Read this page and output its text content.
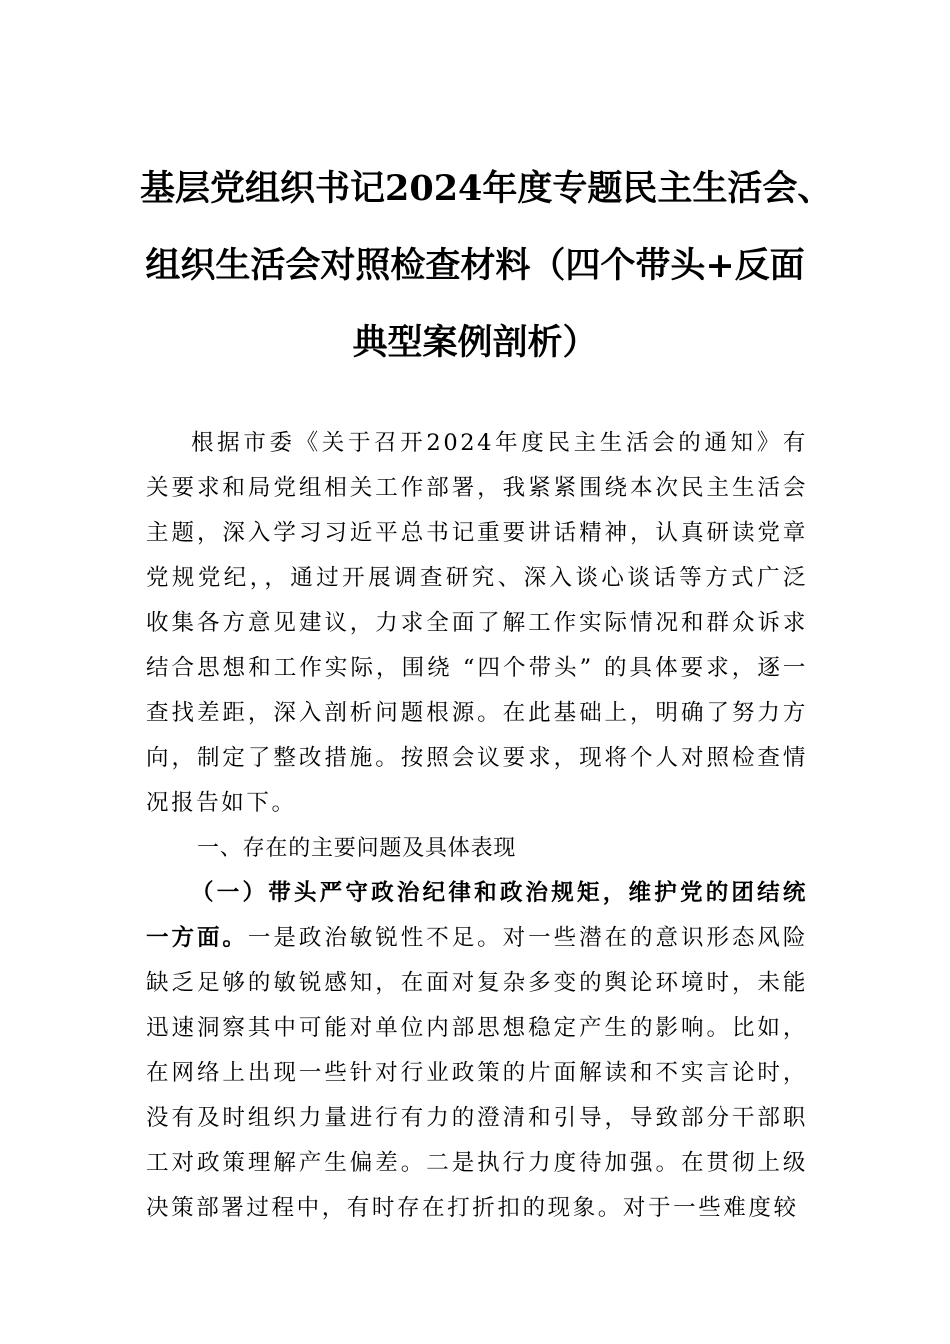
基层党组织书记2024年度专题民主生活会、
组织生活会对照检查材料（四个带头+反面
典型案例剖析）

根据市委《关于召开2024年度民主生活会的通知》有关要求和局党组相关工作部署，我紧紧围绕本次民主生活会主题，深入学习习近平总书记重要讲话精神，认真研读党章党规党纪，，通过开展调查研究、深入谈心谈话等方式广泛收集各方意见建议，力求全面了解工作实际情况和群众诉求结合思想和工作实际，围绕 “四个带头” 的具体要求，逐一查找差距，深入剖析问题根源。在此基础上，明确了努力方向，制定了整改措施。按照会议要求，现将个人对照检查情况报告如下。

一、存在的主要问题及具体表现

（一）带头严守政治纪律和政治规矩，维护党的团结统一方面。一是政治敏锐性不足。对一些潜在的意识形态风险缺乏足够的敏锐感知，在面对复杂多变的舆论环境时，未能迅速洞察其中可能对单位内部思想稳定产生的影响。比如，在网络上出现一些针对行业政策的片面解读和不实言论时，没有及时组织力量进行有力的澄清和引导，导致部分干部职工对政策理解产生偏差。二是执行力度待加强。在贯彻上级决策部署过程中，有时存在打折扣的现象。对于一些难度较
